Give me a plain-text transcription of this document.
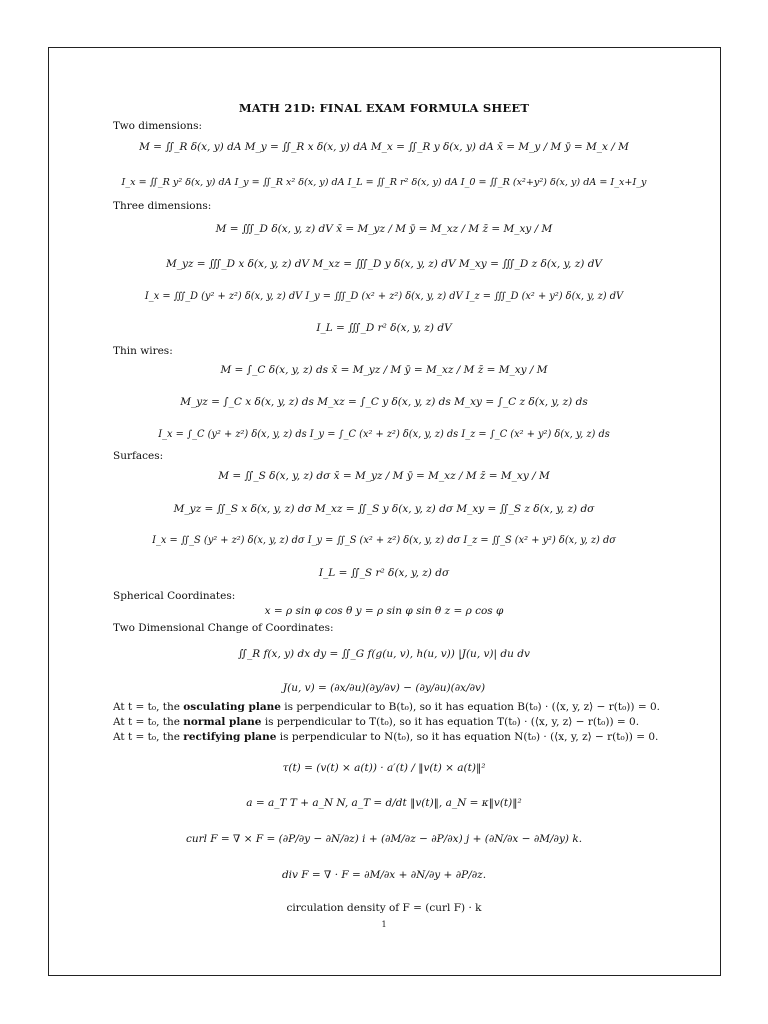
MATH 21D: FINAL EXAM FORMULA SHEET
Two dimensions:
M = ∬_R δ(x, y) dA M_y = ∬_R x δ(x, y) dA M_x = ∬_R y δ(x, y) dA x̄ = M_y / M ȳ = M_x / M
I_x = ∬_R y² δ(x, y) dA I_y = ∬_R x² δ(x, y) dA I_L = ∬_R r² δ(x, y) dA I_0 = ∬_R (x²+y²) δ(x, y) dA = I_x+I_y
Three dimensions:
M = ∭_D δ(x, y, z) dV x̄ = M_yz / M ȳ = M_xz / M z̄ = M_xy / M
M_yz = ∭_D x δ(x, y, z) dV M_xz = ∭_D y δ(x, y, z) dV M_xy = ∭_D z δ(x, y, z) dV
I_x = ∭_D (y² + z²) δ(x, y, z) dV I_y = ∭_D (x² + z²) δ(x, y, z) dV I_z = ∭_D (x² + y²) δ(x, y, z) dV
I_L = ∭_D r² δ(x, y, z) dV
Thin wires:
M = ∫_C δ(x, y, z) ds x̄ = M_yz / M ȳ = M_xz / M z̄ = M_xy / M
M_yz = ∫_C x δ(x, y, z) ds M_xz = ∫_C y δ(x, y, z) ds M_xy = ∫_C z δ(x, y, z) ds
I_x = ∫_C (y² + z²) δ(x, y, z) ds I_y = ∫_C (x² + z²) δ(x, y, z) ds I_z = ∫_C (x² + y²) δ(x, y, z) ds
Surfaces:
M = ∬_S δ(x, y, z) dσ x̄ = M_yz / M ȳ = M_xz / M z̄ = M_xy / M
M_yz = ∬_S x δ(x, y, z) dσ M_xz = ∬_S y δ(x, y, z) dσ M_xy = ∬_S z δ(x, y, z) dσ
I_x = ∬_S (y² + z²) δ(x, y, z) dσ I_y = ∬_S (x² + z²) δ(x, y, z) dσ I_z = ∬_S (x² + y²) δ(x, y, z) dσ
I_L = ∬_S r² δ(x, y, z) dσ
Spherical Coordinates:
x = ρ sin φ cos θ y = ρ sin φ sin θ z = ρ cos φ
Two Dimensional Change of Coordinates:
∬_R f(x, y) dx dy = ∬_G f(g(u, v), h(u, v)) |J(u, v)| du dv
J(u, v) = (∂x/∂u)(∂y/∂v) − (∂y/∂u)(∂x/∂v)
At t = t₀, the osculating plane is perpendicular to B(t₀), so it has equation B(t₀) · (⟨x, y, z⟩ − r(t₀)) = 0.
At t = t₀, the normal plane is perpendicular to T(t₀), so it has equation T(t₀) · (⟨x, y, z⟩ − r(t₀)) = 0.
At t = t₀, the rectifying plane is perpendicular to N(t₀), so it has equation N(t₀) · (⟨x, y, z⟩ − r(t₀)) = 0.
τ(t) = (v(t) × a(t)) · a′(t) / ‖v(t) × a(t)‖²
a = a_T T + a_N N, a_T = d/dt ‖v(t)‖, a_N = κ‖v(t)‖²
curl F = ∇ × F = (∂P/∂y − ∂N/∂z) i + (∂M/∂z − ∂P/∂x) j + (∂N/∂x − ∂M/∂y) k.
div F = ∇ · F = ∂M/∂x + ∂N/∂y + ∂P/∂z.
circulation density of F = (curl F) · k
1
